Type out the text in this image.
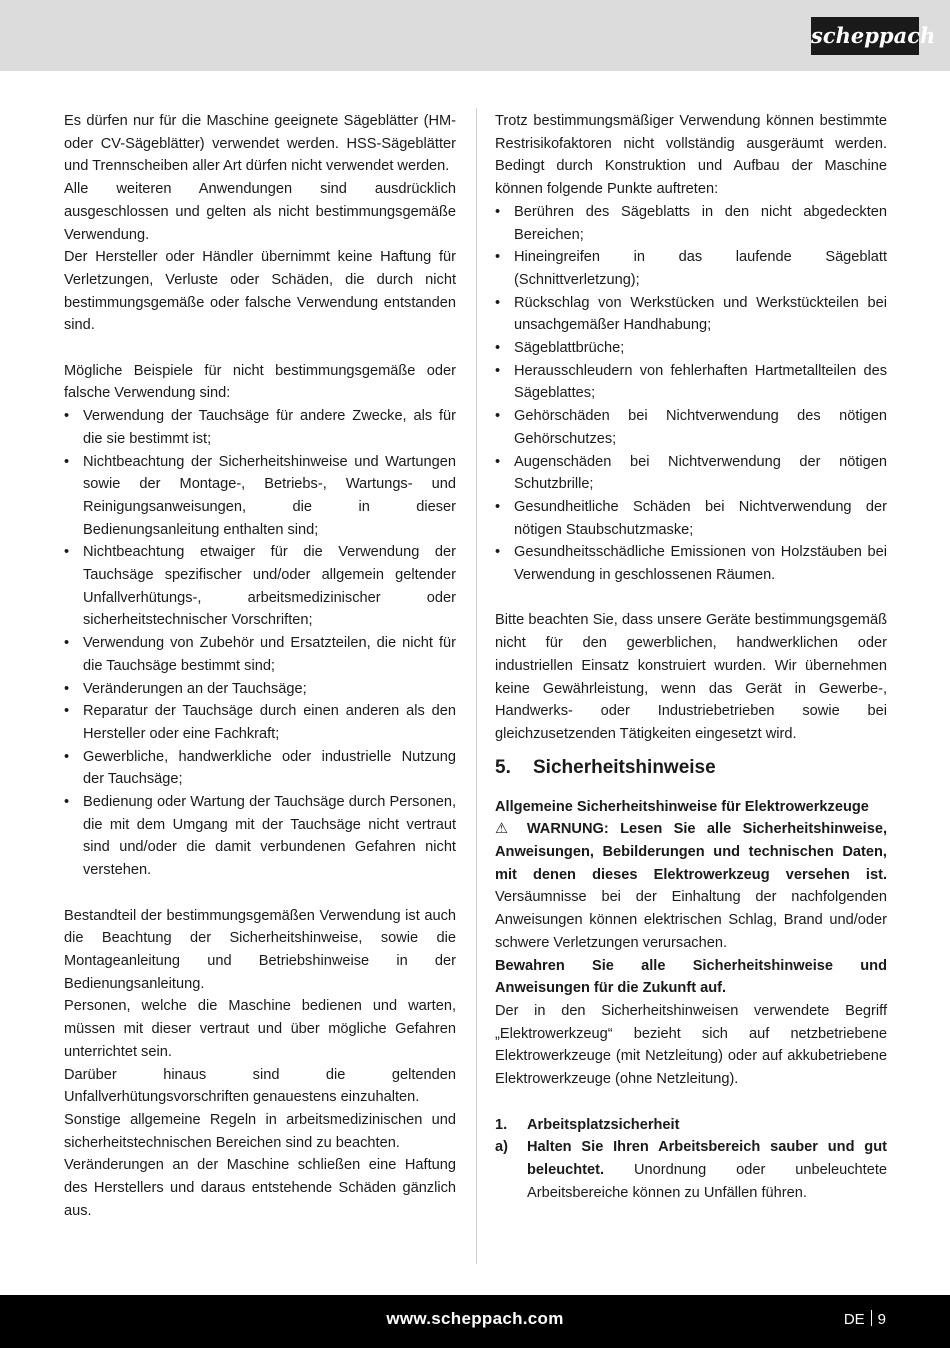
scheppach

Es dürfen nur für die Maschine geeignete Sägeblätter (HM- oder CV-Sägeblätter) verwendet werden. HSS-Sägeblätter und Trennscheiben aller Art dürfen nicht verwendet werden.

Alle weiteren Anwendungen sind ausdrücklich ausgeschlossen und gelten als nicht bestimmungsgemäße Verwendung.

Der Hersteller oder Händler übernimmt keine Haftung für Verletzungen, Verluste oder Schäden, die durch nicht bestimmungsgemäße oder falsche Verwendung entstanden sind.

Mögliche Beispiele für nicht bestimmungsgemäße oder falsche Verwendung sind:

• Verwendung der Tauchsäge für andere Zwecke, als für die sie bestimmt ist;
• Nichtbeachtung der Sicherheitshinweise und Wartungen sowie der Montage-, Betriebs-, Wartungs- und Reinigungsanweisungen, die in dieser Bedienungsanleitung enthalten sind;
• Nichtbeachtung etwaiger für die Verwendung der Tauchsäge spezifischer und/oder allgemein geltender Unfallverhütungs-, arbeitsmedizinischer oder sicherheitstechnischer Vorschriften;
• Verwendung von Zubehör und Ersatzteilen, die nicht für die Tauchsäge bestimmt sind;
• Veränderungen an der Tauchsäge;
• Reparatur der Tauchsäge durch einen anderen als den Hersteller oder eine Fachkraft;
• Gewerbliche, handwerkliche oder industrielle Nutzung der Tauchsäge;
• Bedienung oder Wartung der Tauchsäge durch Personen, die mit dem Umgang mit der Tauchsäge nicht vertraut sind und/oder die damit verbundenen Gefahren nicht verstehen.

Bestandteil der bestimmungsgemäßen Verwendung ist auch die Beachtung der Sicherheitshinweise, sowie die Montageanleitung und Betriebshinweise in der Bedienungsanleitung.

Personen, welche die Maschine bedienen und warten, müssen mit dieser vertraut und über mögliche Gefahren unterrichtet sein.

Darüber hinaus sind die geltenden Unfallverhütungsvorschriften genauestens einzuhalten.

Sonstige allgemeine Regeln in arbeitsmedizinischen und sicherheitstechnischen Bereichen sind zu beachten.

Veränderungen an der Maschine schließen eine Haftung des Herstellers und daraus entstehende Schäden gänzlich aus.

Trotz bestimmungsmäßiger Verwendung können bestimmte Restrisikofaktoren nicht vollständig ausgeräumt werden. Bedingt durch Konstruktion und Aufbau der Maschine können folgende Punkte auftreten:

• Berühren des Sägeblatts in den nicht abgedeckten Bereichen;
• Hineingreifen in das laufende Sägeblatt (Schnittverletzung);
• Rückschlag von Werkstücken und Werkstückteilen bei unsachgemäßer Handhabung;
• Sägeblattbrüche;
• Herausschleudern von fehlerhaften Hartmetallteilen des Sägeblattes;
• Gehörschäden bei Nichtverwendung des nötigen Gehörschutzes;
• Augenschäden bei Nichtverwendung der nötigen Schutzbrille;
• Gesundheitliche Schäden bei Nichtverwendung der nötigen Staubschutzmaske;
• Gesundheitsschädliche Emissionen von Holzstäuben bei Verwendung in geschlossenen Räumen.

Bitte beachten Sie, dass unsere Geräte bestimmungsgemäß nicht für den gewerblichen, handwerklichen oder industriellen Einsatz konstruiert wurden. Wir übernehmen keine Gewährleistung, wenn das Gerät in Gewerbe-, Handwerks- oder Industriebetrieben sowie bei gleichzusetzenden Tätigkeiten eingesetzt wird.

5. Sicherheitshinweise

Allgemeine Sicherheitshinweise für Elektrowerkzeuge

⚠ WARNUNG: Lesen Sie alle Sicherheitshinweise, Anweisungen, Bebilderungen und technischen Daten, mit denen dieses Elektrowerkzeug versehen ist. Versäumnisse bei der Einhaltung der nachfolgenden Anweisungen können elektrischen Schlag, Brand und/oder schwere Verletzungen verursachen.

Bewahren Sie alle Sicherheitshinweise und Anweisungen für die Zukunft auf.

Der in den Sicherheitshinweisen verwendete Begriff „Elektrowerkzeug“ bezieht sich auf netzbetriebene Elektrowerkzeuge (mit Netzleitung) oder auf akkubetriebene Elektrowerkzeuge (ohne Netzleitung).

1. Arbeitsplatzsicherheit
a) Halten Sie Ihren Arbeitsbereich sauber und gut beleuchtet. Unordnung oder unbeleuchtete Arbeitsbereiche können zu Unfällen führen.
www.scheppach.com	DE 9
